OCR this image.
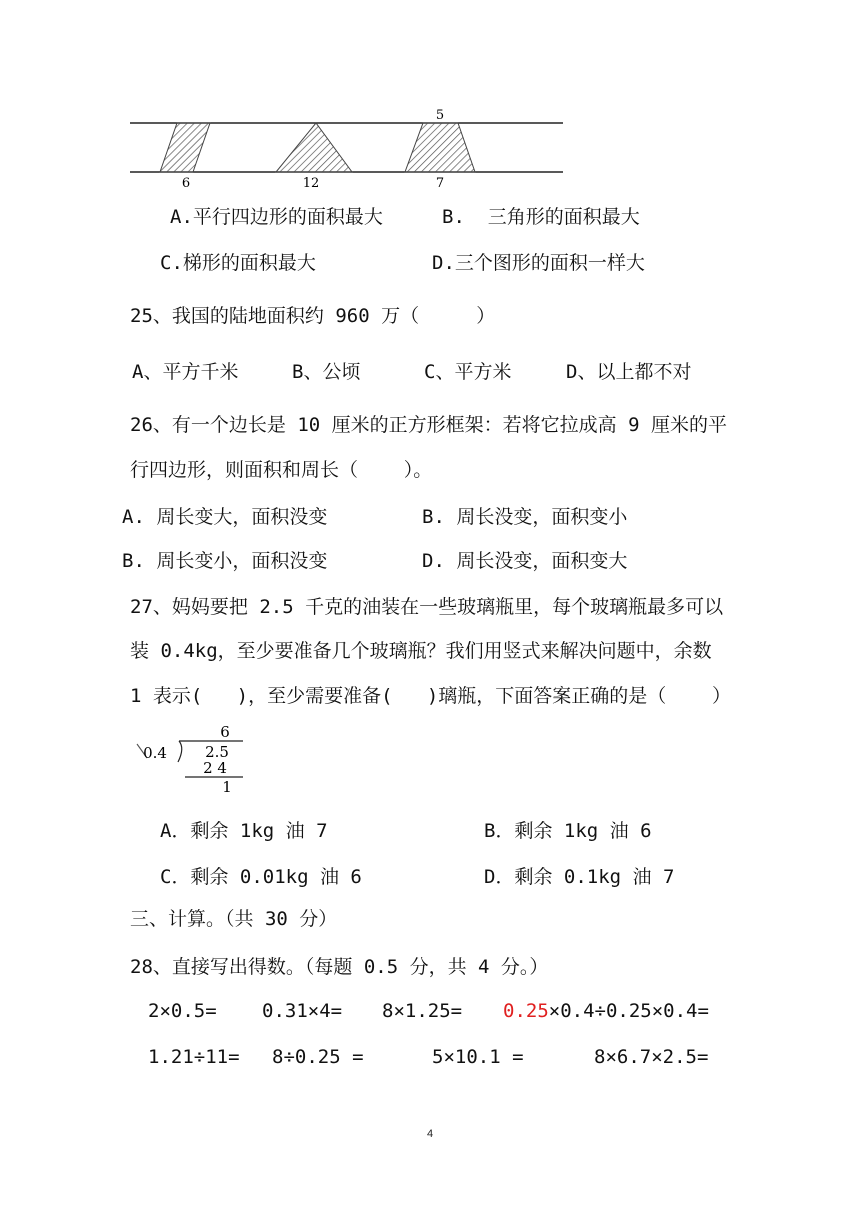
5
6	12	7
A.平行四边形的面积最大	B.  三角形的面积最大
C.梯形的面积最大	D.三个图形的面积一样大
25、我国的陆地面积约 960 万（     ）
A、平方千米	B、公顷	C、平方米	D、以上都不对
26、有一个边长是 10 厘米的正方形框架：若将它拉成高 9 厘米的平
行四边形，则面积和周长（    ）。
A. 周长变大，面积没变	B. 周长没变，面积变小
B. 周长变小，面积没变	D. 周长没变，面积变大
27、妈妈要把 2.5 千克的油装在一些玻璃瓶里，每个玻璃瓶最多可以
装 0.4kg，至少要准备几个玻璃瓶？我们用竖式来解决问题中，余数
1 表示(   )，至少需要准备(   )璃瓶，下面答案正确的是（    ）
6
0.4	2.5
2 4
1
A．剩余 1kg 油 7	B．剩余 1kg 油 6
C．剩余 0.01kg 油 6	D．剩余 0.1kg 油 7
三、计算。（共 30 分）
28、直接写出得数。（每题 0.5 分，共 4 分。）
2×0.5= 0.31×4= 8×1.25= 0.25×0.4÷0.25×0.4=
1.21÷11= 8÷0.25 =	5×10.1 =	8×6.7×2.5=
4
